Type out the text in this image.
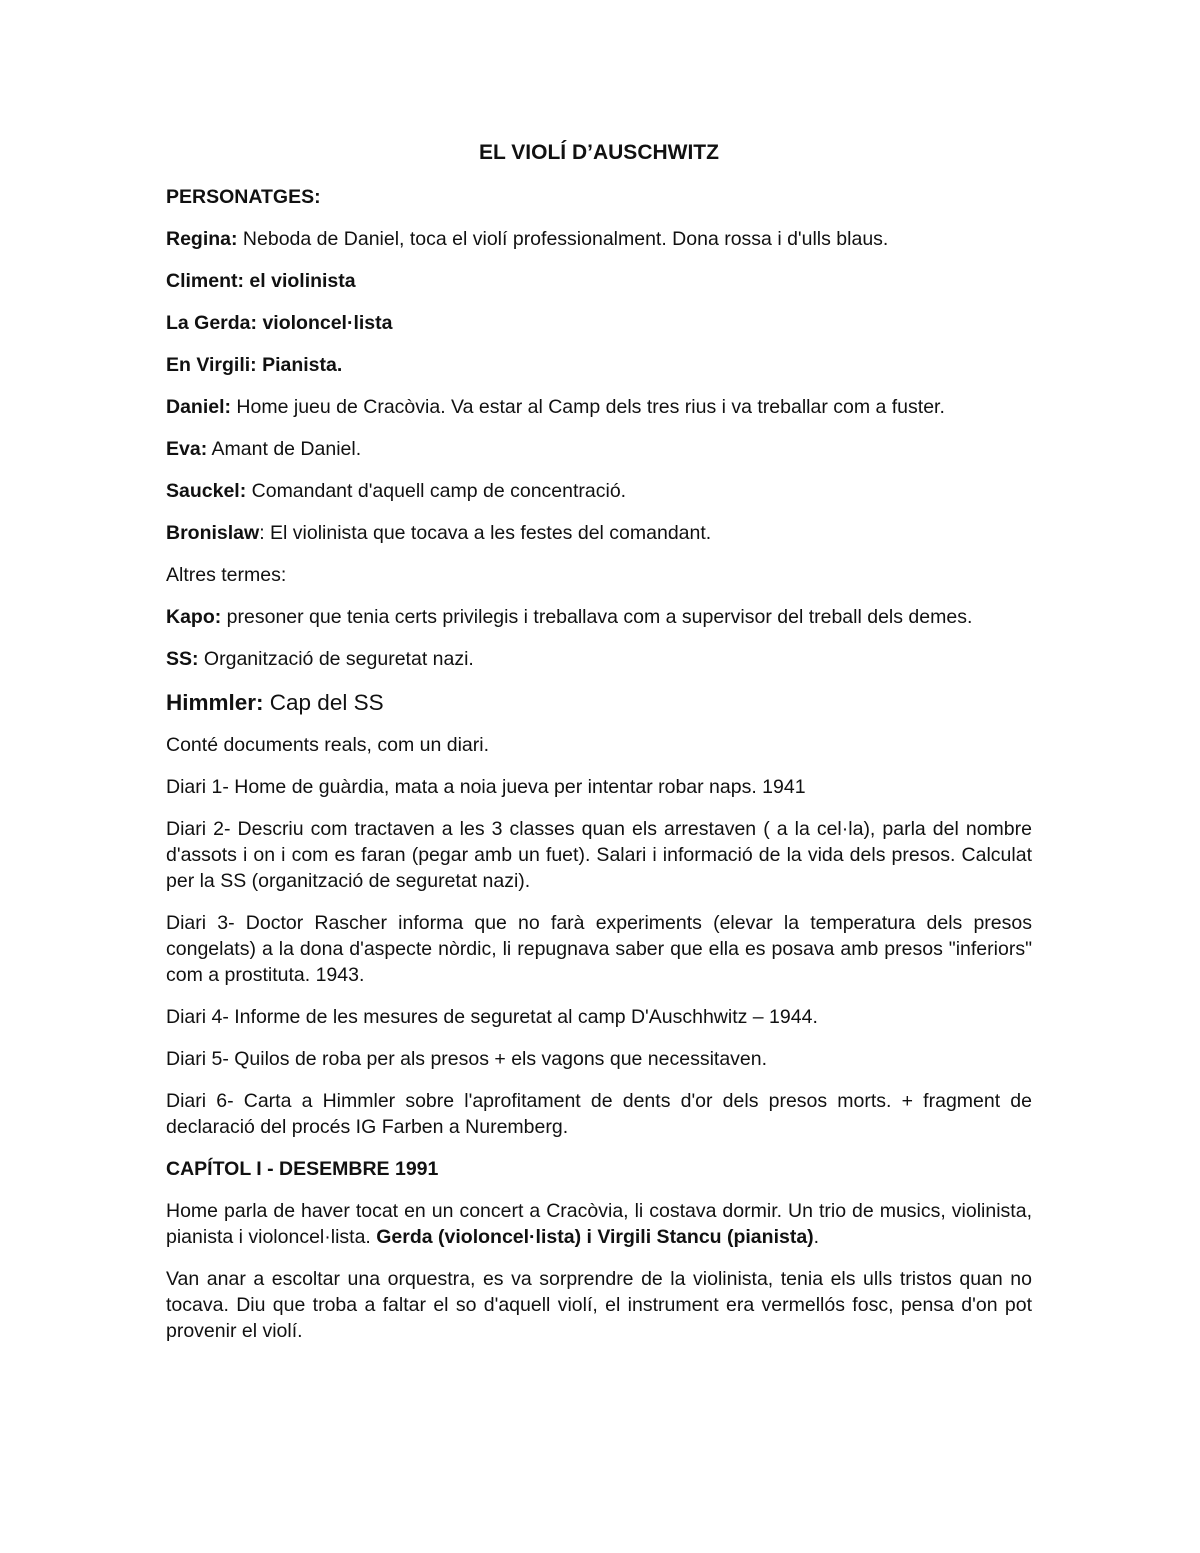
EL VIOLÍ D’AUSCHWITZ
PERSONATGES:
Regina: Neboda de Daniel, toca el violí professionalment. Dona rossa i d'ulls blaus.
Climent: el violinista
La Gerda: violoncel·lista
En Virgili: Pianista.
Daniel: Home jueu de Cracòvia. Va estar al Camp dels tres rius i va treballar com a fuster.
Eva: Amant de Daniel.
Sauckel: Comandant d'aquell camp de concentració.
Bronislaw: El violinista que tocava a les festes del comandant.
Altres termes:
Kapo: presoner que tenia certs privilegis i treballava com a supervisor del treball dels demes.
SS: Organització de seguretat nazi.
Himmler: Cap del SS
Conté documents reals, com un diari.
Diari 1- Home de guàrdia, mata a noia jueva per intentar robar naps. 1941
Diari 2- Descriu com tractaven a les 3 classes quan els arrestaven ( a la cel·la), parla del nombre d'assots i on i com es faran (pegar amb un fuet). Salari i informació de la vida dels presos. Calculat per la SS (organització de seguretat nazi).
Diari 3- Doctor Rascher informa que no farà experiments (elevar la temperatura dels presos congelats) a la dona d'aspecte nòrdic, li repugnava saber que ella es posava amb presos "inferiors" com a prostituta. 1943.
Diari 4- Informe de les mesures de seguretat al camp D'Auschhwitz – 1944.
Diari 5- Quilos de roba per als presos + els vagons que necessitaven.
Diari 6- Carta a Himmler sobre l'aprofitament de dents d'or dels presos morts. + fragment de declaració del procés IG Farben a Nuremberg.
CAPÍTOL I - DESEMBRE 1991
Home parla de haver tocat en un concert a Cracòvia, li costava dormir. Un trio de musics, violinista, pianista i violoncel·lista. Gerda (violoncel·lista) i Virgili Stancu (pianista).
Van anar a escoltar una orquestra, es va sorprendre de la violinista, tenia els ulls tristos quan no tocava. Diu que troba a faltar el so d'aquell violí, el instrument era vermellós fosc, pensa d'on pot provenir el violí.
